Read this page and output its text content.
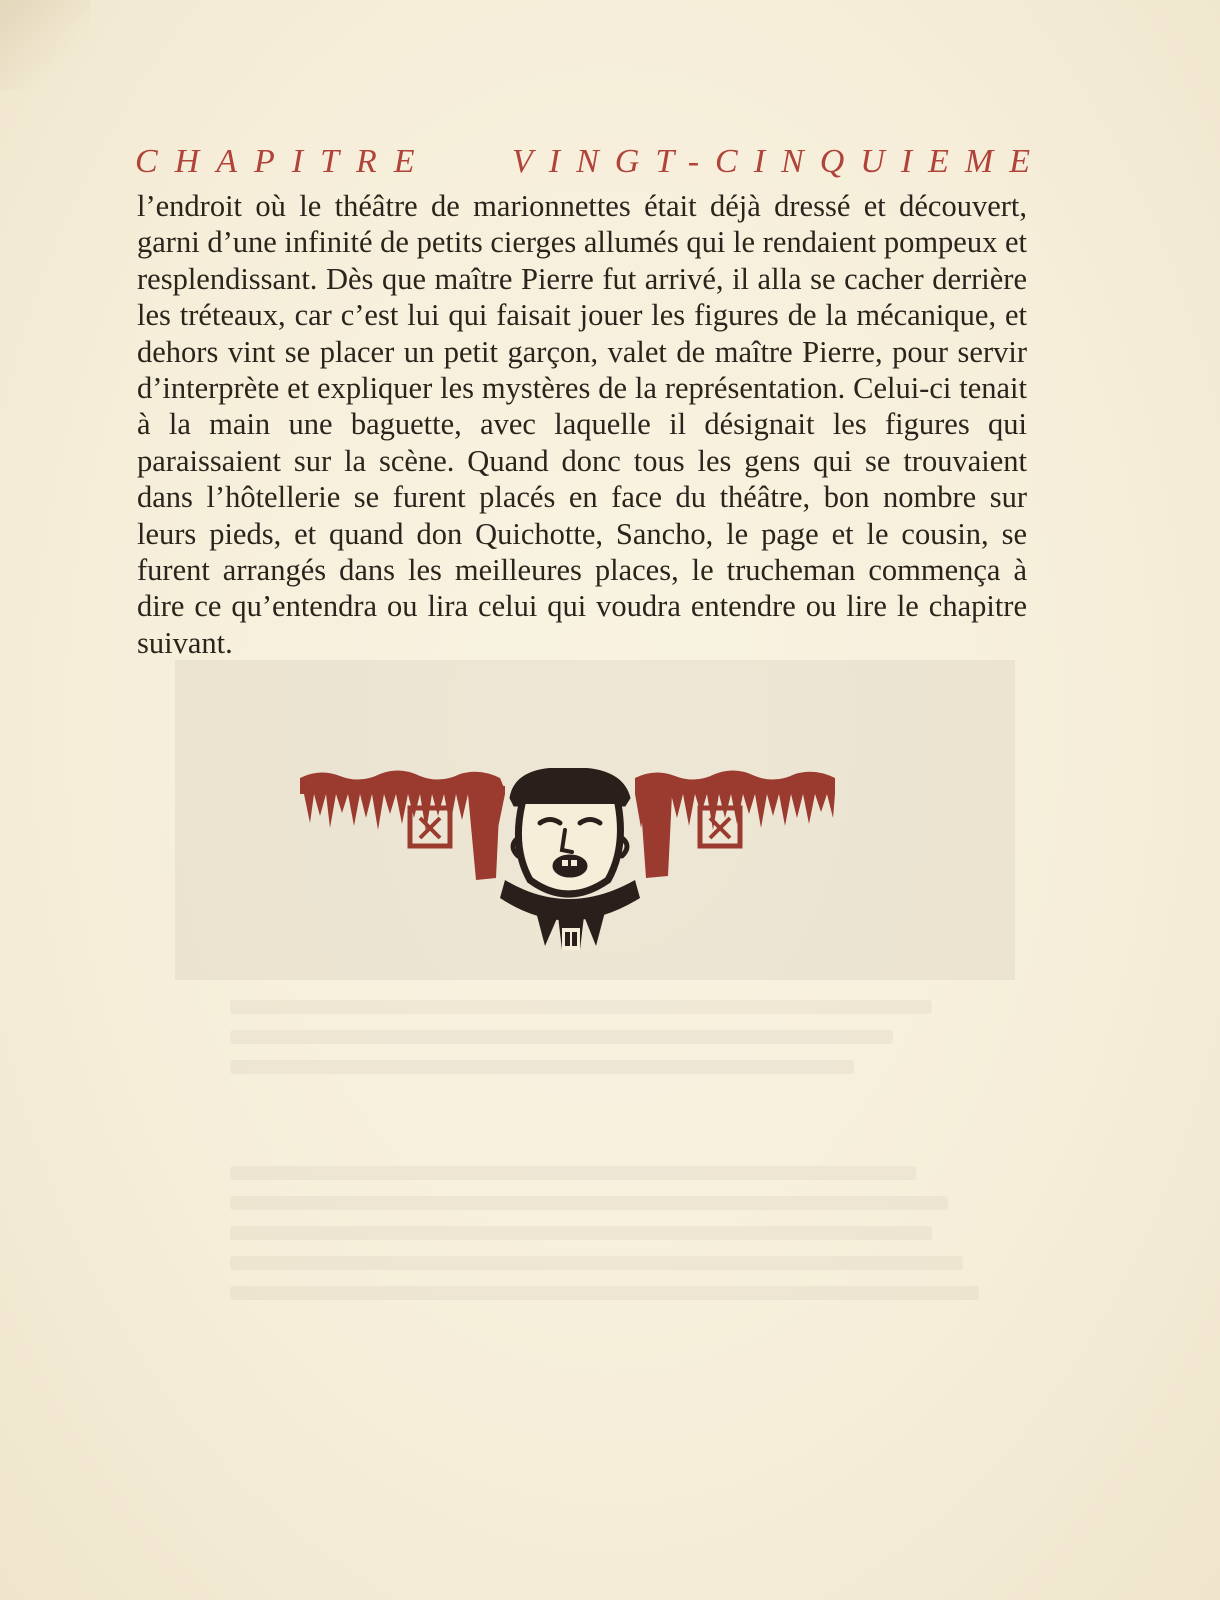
CHAPITRE VINGT-CINQUIEME
l’endroit où le théâtre de marionnettes était déjà dressé et découvert, garni d’une infinité de petits cierges allumés qui le rendaient pompeux et resplendissant. Dès que maître Pierre fut arrivé, il alla se cacher derrière les tréteaux, car c’est lui qui faisait jouer les figures de la mécanique, et dehors vint se placer un petit garçon, valet de maître Pierre, pour servir d’interprète et expliquer les mystères de la représentation. Celui-ci tenait à la main une baguette, avec laquelle il désignait les figures qui paraissaient sur la scène. Quand donc tous les gens qui se trouvaient dans l’hôtellerie se furent placés en face du théâtre, bon nombre sur leurs pieds, et quand don Quichotte, Sancho, le page et le cousin, se furent arrangés dans les meilleures places, le trucheman commença à dire ce qu’entendra ou lira celui qui voudra entendre ou lire le chapitre suivant.
